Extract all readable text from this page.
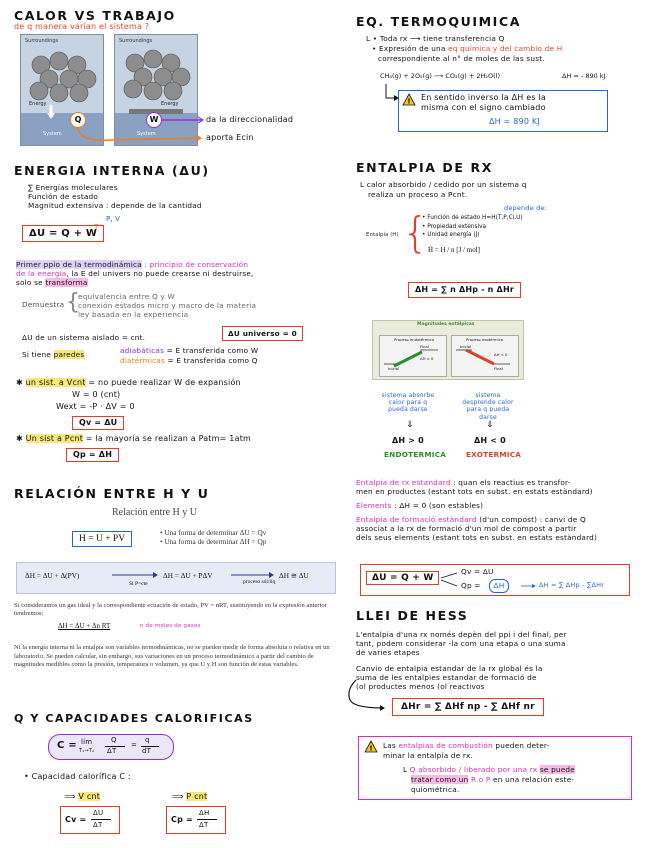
CALOR VS TRABAJO
de q manera varían el sistema ?
Surroundings
Energy
System
Surroundings
Energy
System
Q	W	da la direccionalidad
aporta Ecin
ENERGIA INTERNA (ΔU)
∑ Energías moleculares
Función de estado
Magnitud extensiva : depende de la cantidad
ΔU = Q + W
P, V
T
Primer ppio de la termodinámica : principio de conservación
de la energía, la E del univers no puede crearse ni destruirse,
solo se transforma
Demuestra {
equivalencia entre Q y W
conexión estados micro y macro de la materia
ley basada en la experiencia
ΔU de un sistema aislado = cnt.	ΔU universo = 0
Si tiene paredes	adiabáticas = E transferida como W
diatérmicas = E transferida como Q
✱ un sist. a Vcnt = no puede realizar W de expansión
W = 0 (cnt)
Wext = -P · ΔV = 0
Qv = ΔU
✱ Un sist a Pcnt = la mayoría se realizan a Patm= 1atm
Qp = ΔH
RELACIÓN ENTRE H Y U
Relación entre H y U
H = U + PV
• Una forma de determinar ΔU = Qv
• Una forma de determinar ΔH = Qp
ΔH = ΔU + Δ(PV)
Si P=cte
ΔH = ΔU + PΔV
proceso sól/líq
ΔH ≅ ΔU
Si consideramos un gas ideal y la correspondiente ecuación de estado, PV = nRT, sustituyendo en la expresión anterior tendremos:
ΔH = ΔU + Δn RT	n de moles de gases
Ni la energía interna ni la entalpía son variables termodinámicas, no se pueden medir de forma absoluta o relativa en un laboratorio. Se pueden calcular, sin embargo, sus variaciones en un proceso termodinámico a partir del cambio de magnitudes medibles como la presión, temperatura o volumen, ya que U y H son función de estas variables.
Q Y CAPACIDADES CALORIFICAS
C = lim
T₁→T₂
Q
ΔT
=
q
dT
• Capacidad calorífica C :
⟹ V cnt	⟹ P cnt
Cv =
ΔU
ΔT
Cp =
ΔH
ΔT
EQ. TERMOQUIMICA
L • Toda rx ⟶ tiene transferencia Q
• Expresión de una eq química y del cambio de H
correspondiente al n° de moles de las sust.
CH₄(g) + 2O₂(g) ⟶ CO₂(g) + 2H₂O(l)	ΔH = - 890 kJ
! En sentido inverso la ΔH es la
misma con el signo cambiado
ΔH = 890 KJ
ENTALPIA DE RX
L calor absorbido / cedido por un sistema q
realiza un proceso a Pcnt.
depende de:
Entalpía (H) {
• Función de estado H=H(T,P,Ci,U)
• Propiedad extensiva
• Unidad energía (J)
H̄ = H / n [J / mol]
ΔH = ∑ n ΔHp - n ΔHr
Magnitudes entálpicas
Proceso endotérmico
Final
Inicial
ΔH > 0
Proceso exotérmico
Inicial
Final
ΔH < 0
sistema absorbe calor para q pueda darse
sistema desprende calor para q pueda darse
⇓	⇓
ΔH > 0	ΔH < 0
ENDOTERMICA	EXOTERMICA
Entalpia de rx estandard : quan els reactius es transfor-
men en productes (estant tots en subst. en estats estàndard)
Elements : ΔH = 0 (son estables)
Entalpia de formació estàndard (d'un compost) : canvi de Q
associat a la rx de formació d'un mol de compost a partir
dels seus elements (estant tots en subst. en estats estàndard)
ΔU = Q + W
Qv = ΔU
Qp =	ΔH	ΔH = ∑ ΔHp - ∑ΔHr
LLEI DE HESS
L'entalpia d'una rx només depèn del ppi i del final, per
tant, podem considerar -la com una etapa o una suma
de varies etapes
Canvio de entalpia estandar de la rx global és la
suma de les entalpies estandar de formació de
(ol productes menos (ol reactivos
ΔHr = ∑ ΔHf np - ∑ ΔHf nr
! Las entalpias de combustión pueden deter-
minar la entalpía de rx.
L Q absorbido / liberado por una rx se puede
tratar como un R o P en una relación este-
quiométrica.
